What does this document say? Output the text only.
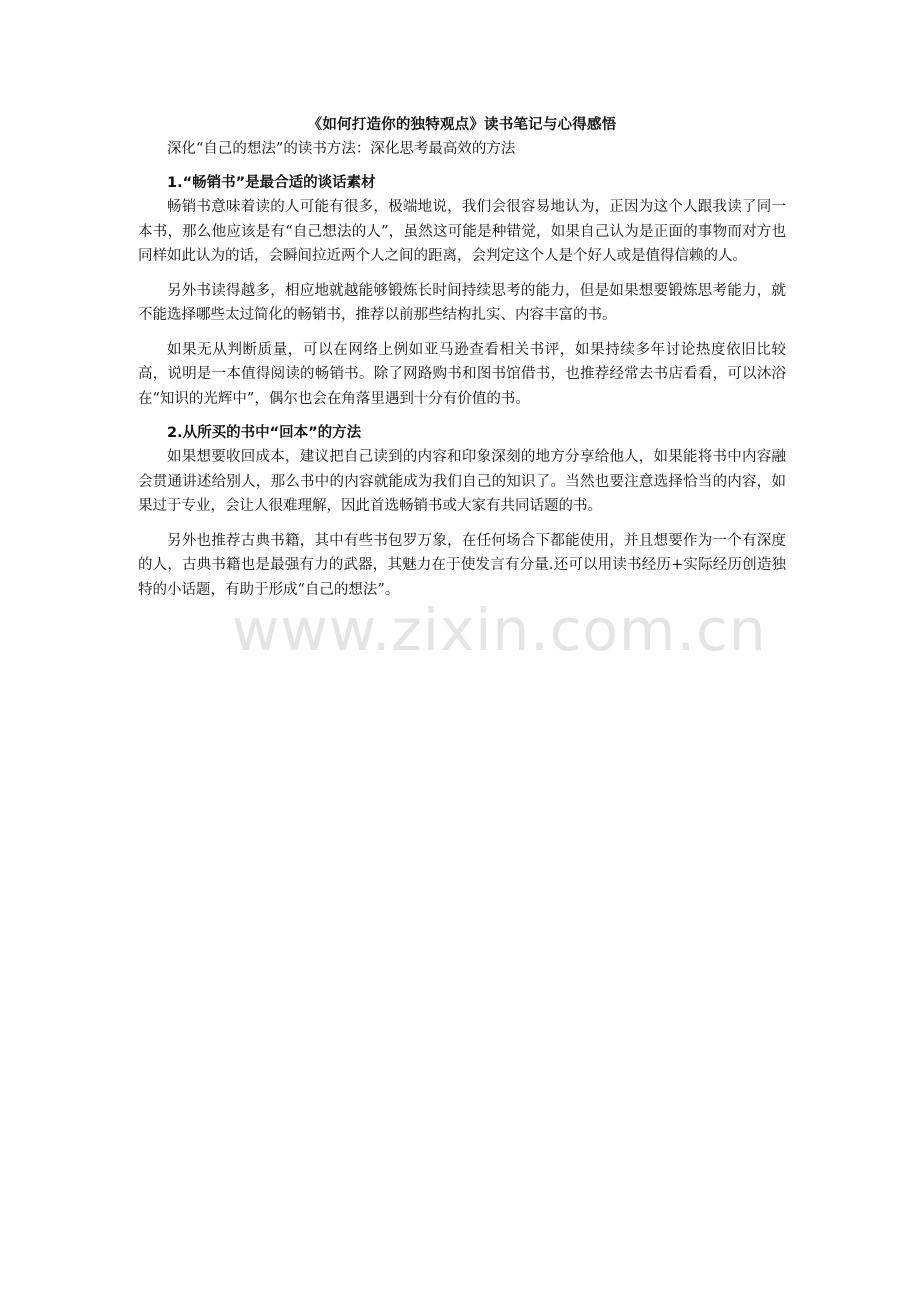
www.zixin.com.cn

《如何打造你的独特观点》读书笔记与心得感悟

深化“自己的想法”的读书方法：深化思考最高效的方法

1.“畅销书”是最合适的谈话素材

畅销书意味着读的人可能有很多，极端地说，我们会很容易地认为，正因为这个人跟我读了同一本书，那么他应该是有“自己想法的人”，虽然这可能是种错觉，如果自己认为是正面的事物而对方也同样如此认为的话，会瞬间拉近两个人之间的距离，会判定这个人是个好人或是值得信赖的人。

另外书读得越多，相应地就越能够锻炼长时间持续思考的能力，但是如果想要锻炼思考能力，就不能选择哪些太过简化的畅销书，推荐以前那些结构扎实、内容丰富的书。

如果无从判断质量，可以在网络上例如亚马逊查看相关书评，如果持续多年讨论热度依旧比较高，说明是一本值得阅读的畅销书。除了网路购书和图书馆借书，也推荐经常去书店看看，可以沐浴在“知识的光辉中”，偶尔也会在角落里遇到十分有价值的书。

2.从所买的书中“回本”的方法

如果想要收回成本，建议把自己读到的内容和印象深刻的地方分享给他人，如果能将书中内容融会贯通讲述给别人，那么书中的内容就能成为我们自己的知识了。当然也要注意选择恰当的内容，如果过于专业，会让人很难理解，因此首选畅销书或大家有共同话题的书。

另外也推荐古典书籍，其中有些书包罗万象，在任何场合下都能使用，并且想要作为一个有深度的人，古典书籍也是最强有力的武器，其魅力在于使发言有分量.还可以用读书经历+实际经历创造独特的小话题，有助于形成“自己的想法”。
